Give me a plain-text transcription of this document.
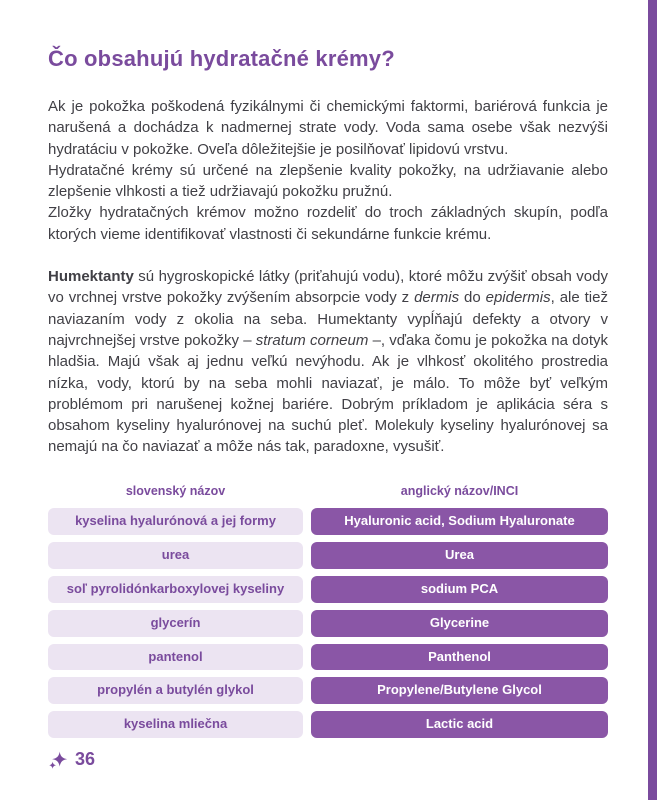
Čo obsahujú hydratačné krémy?

Ak je pokožka poškodená fyzikálnymi či chemickými faktormi, bariérová funkcia je narušená a dochádza k nadmernej strate vody. Voda sama osebe však nezvýši hydratáciu v pokožke. Oveľa dôležitejšie je posilňovať lipidovú vrstvu.

Hydratačné krémy sú určené na zlepšenie kvality pokožky, na udržiavanie alebo zlepšenie vlhkosti a tiež udržiavajú pokožku pružnú.

Zložky hydratačných krémov možno rozdeliť do troch základných skupín, podľa ktorých vieme identifikovať vlastnosti či sekundárne funkcie krému.

Humektanty sú hygroskopické látky (priťahujú vodu), ktoré môžu zvýšiť obsah vody vo vrchnej vrstve pokožky zvýšením absorpcie vody z dermis do epidermis, ale tiež naviazaním vody z okolia na seba. Humektanty vypĺňajú defekty a otvory v najvrchnejšej vrstve pokožky – stratum corneum –, vďaka čomu je pokožka na dotyk hladšia. Majú však aj jednu veľkú nevýhodu. Ak je vlhkosť okolitého prostredia nízka, vody, ktorú by na seba mohli naviazať, je málo. To môže byť veľkým problémom pri narušenej kožnej bariére. Dobrým príkladom je aplikácia séra s obsahom kyseliny hyalurónovej na suchú pleť. Molekuly kyseliny hyalurónovej sa nemajú na čo naviazať a môže nás tak, paradoxne, vysušiť.

slovenský názov	anglický názov/INCI
kyselina hyalurónová a jej formy	Hyaluronic acid, Sodium Hyaluronate
urea	Urea
soľ pyrolidónkarboxylovej kyseliny	sodium PCA
glycerín	Glycerine
pantenol	Panthenol
propylén a butylén glykol	Propylene/Butylene Glycol
kyselina mliečna	Lactic acid
36
